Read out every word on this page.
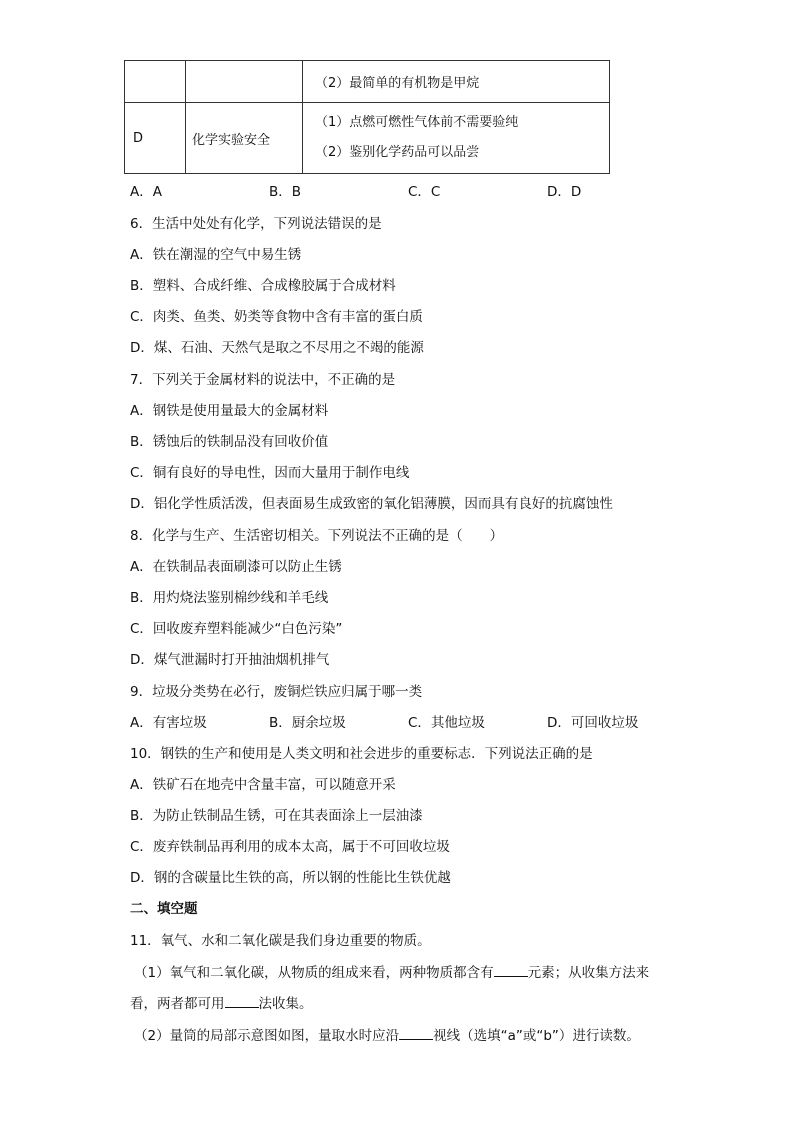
		（2）最简单的有机物是甲烷
D	化学实验安全	（1）点燃可燃性气体前不需要验纯
（2）鉴别化学药品可以品尝
A．A	B．B	C．C	D．D
6．生活中处处有化学，下列说法错误的是
A．铁在潮湿的空气中易生锈
B．塑料、合成纤维、合成橡胶属于合成材料
C．肉类、鱼类、奶类等食物中含有丰富的蛋白质
D．煤、石油、天然气是取之不尽用之不竭的能源
7．下列关于金属材料的说法中，不正确的是
A．钢铁是使用量最大的金属材料
B．锈蚀后的铁制品没有回收价值
C．铜有良好的导电性，因而大量用于制作电线
D．铝化学性质活泼，但表面易生成致密的氧化铝薄膜，因而具有良好的抗腐蚀性
8．化学与生产、生活密切相关。下列说法不正确的是（　　）
A．在铁制品表面刷漆可以防止生锈
B．用灼烧法鉴别棉纱线和羊毛线
C．回收废弃塑料能减少“白色污染”
D．煤气泄漏时打开抽油烟机排气
9．垃圾分类势在必行，废铜烂铁应归属于哪一类
A．有害垃圾	B．厨余垃圾	C．其他垃圾	D．可回收垃圾
10．钢铁的生产和使用是人类文明和社会进步的重要标志．下列说法正确的是
A．铁矿石在地壳中含量丰富，可以随意开采
B．为防止铁制品生锈，可在其表面涂上一层油漆
C．废弃铁制品再利用的成本太高，属于不可回收垃圾
D．钢的含碳量比生铁的高，所以钢的性能比生铁优越
二、填空题
11．氧气、水和二氧化碳是我们身边重要的物质。
（1）氧气和二氧化碳，从物质的组成来看，两种物质都含有	元素；从收集方法来
看，两者都可用	法收集。
（2）量筒的局部示意图如图，量取水时应沿	视线（选填“a”或“b”）进行读数。
